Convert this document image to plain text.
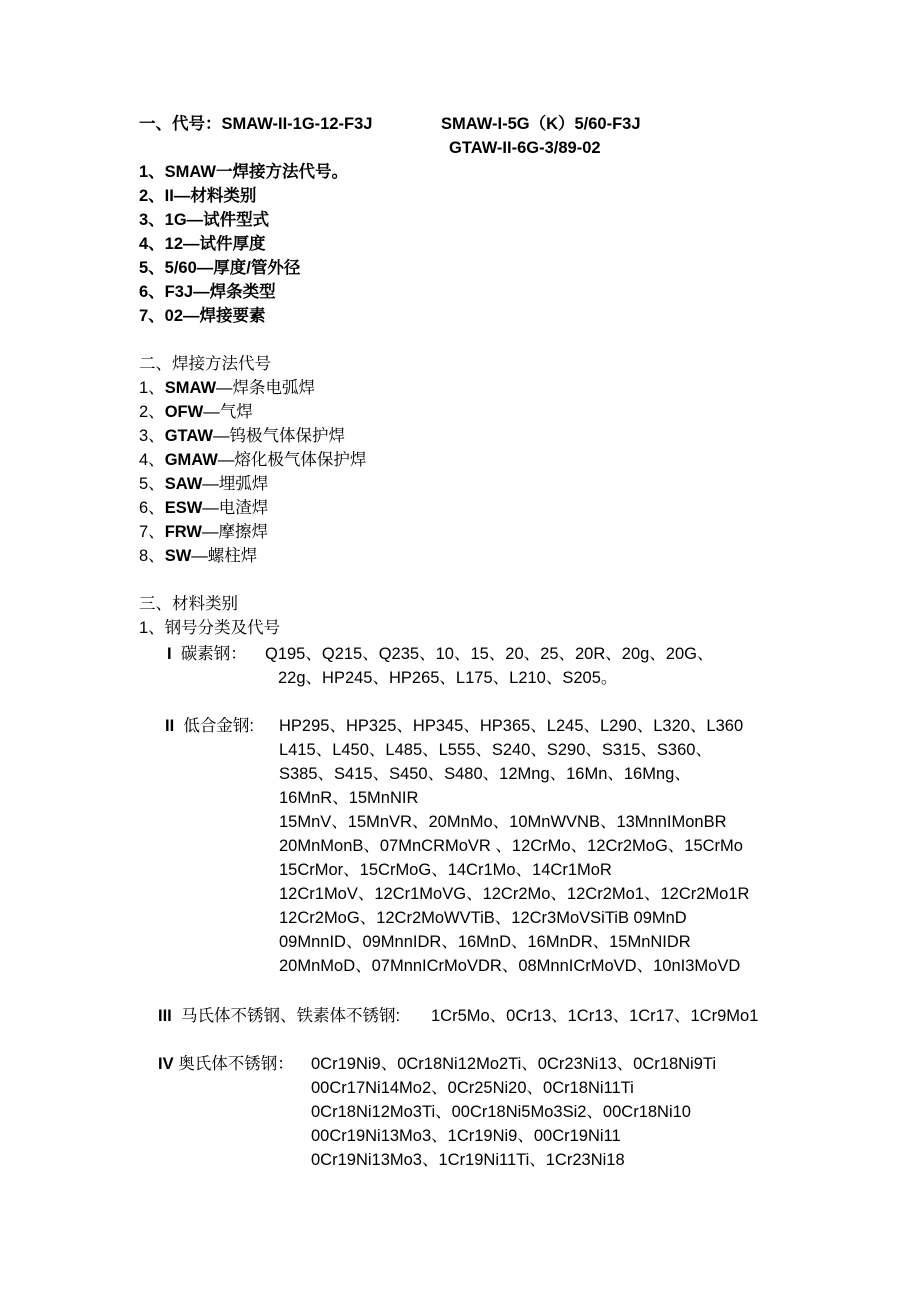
一、代号：SMAW-II-1G-12-F3J	SMAW-I-5G（K）5/60-F3J
GTAW-II-6G-3/89-02
1、SMAW一焊接方法代号。
2、II—材料类别
3、1G—试件型式
4、12—试件厚度
5、5/60—厚度/管外径
6、F3J—焊条类型
7、02—焊接要素
二、焊接方法代号
1、SMAW—焊条电弧焊
2、OFW—气焊
3、GTAW—钨极气体保护焊
4、GMAW—熔化极气体保护焊
5、SAW—埋弧焊
6、ESW—电渣焊
7、FRW—摩擦焊
8、SW—螺柱焊
三、材料类别
1、钢号分类及代号
I 碳素钢： Q195、Q215、Q235、10、15、20、25、20R、20g、20G、
22g、HP245、HP265、L175、L210、S205。
II 低合金钢: HP295、HP325、HP345、HP365、L245、L290、L320、L360
L415、L450、L485、L555、S240、S290、S315、S360、
S385、S415、S450、S480、12Mng、16Mn、16Mng、
16MnR、15MnNIR
15MnV、15MnVR、20MnMo、10MnWVNB、13MnnIMonBR
20MnMonB、07MnCRMoVR 、12CrMo、12Cr2MoG、15CrMo
15CrMor、15CrMoG、14Cr1Mo、14Cr1MoR
12Cr1MoV、12Cr1MoVG、12Cr2Mo、12Cr2Mo1、12Cr2Mo1R
12Cr2MoG、12Cr2MoWVTiB、12Cr3MoVSiTiB 09MnD
09MnnID、09MnnIDR、16MnD、16MnDR、15MnNIDR
20MnMoD、07MnnICrMoVDR、08MnnICrMoVD、10nI3MoVD
III 马氏体不锈钢、铁素体不锈钢: 1Cr5Mo、0Cr13、1Cr13、1Cr17、1Cr9Mo1
IV 奥氏体不锈钢： 0Cr19Ni9、0Cr18Ni12Mo2Ti、0Cr23Ni13、0Cr18Ni9Ti
00Cr17Ni14Mo2、0Cr25Ni20、0Cr18Ni11Ti
0Cr18Ni12Mo3Ti、00Cr18Ni5Mo3Si2、00Cr18Ni10
00Cr19Ni13Mo3、1Cr19Ni9、00Cr19Ni11
0Cr19Ni13Mo3、1Cr19Ni11Ti、1Cr23Ni18
